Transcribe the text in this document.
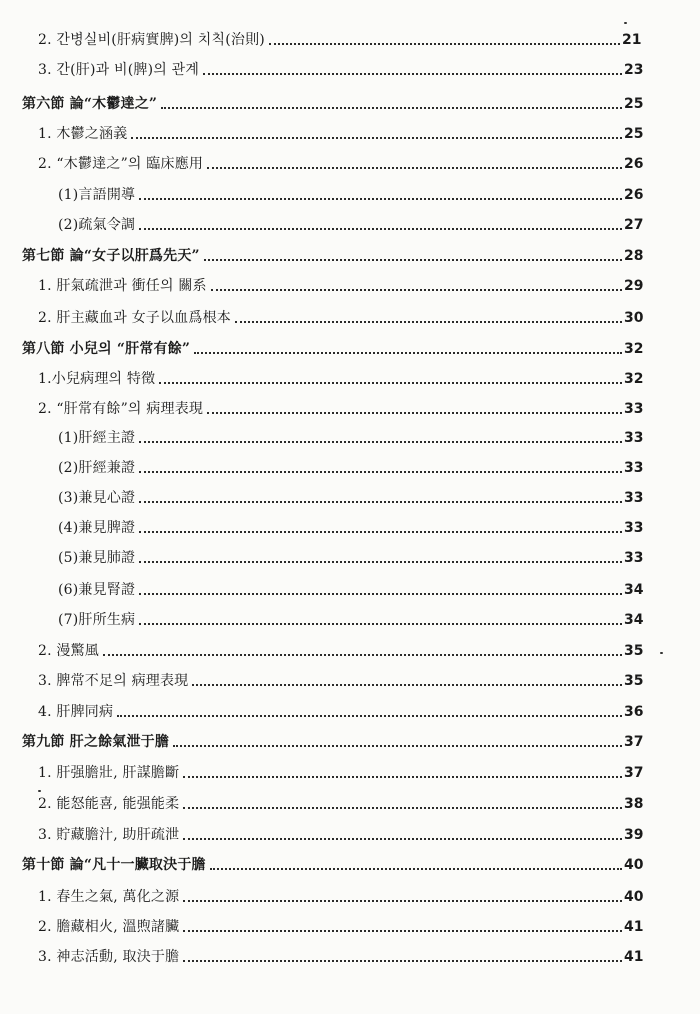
2. 간병실비(肝病實脾)의 치칙(治則)	21
3. 간(肝)과 비(脾)의 관계	23
第六節 論“木鬱達之”	25
1. 木鬱之涵義	25
2. “木鬱達之”의 臨床應用	26
(1)言語開導	26
(2)疏氣令調	27
第七節 論“女子以肝爲先天”	28
1. 肝氣疏泄과 衝任의 關系	29
2. 肝主藏血과 女子以血爲根本	30
第八節 小兒의 “肝常有餘”	32
1.小兒病理의 特徵	32
2. “肝常有餘”의 病理表現	33
(1)肝經主證	33
(2)肝經兼證	33
(3)兼見心證	33
(4)兼見脾證	33
(5)兼見肺證	33
(6)兼見腎證	34
(7)肝所生病	34
2. 漫驚風	35
3. 脾常不足의 病理表現	35
4. 肝脾同病	36
第九節 肝之餘氣泄于膽	37
1. 肝强膽壯, 肝謀膽斷	37
2. 能怒能喜, 能强能柔	38
3. 貯藏膽汁, 助肝疏泄	39
第十節 論“凡十一臟取決于膽	40
1. 春生之氣, 萬化之源	40
2. 膽藏相火, 溫煦諸臟	41
3. 神志活動, 取決于膽	41
